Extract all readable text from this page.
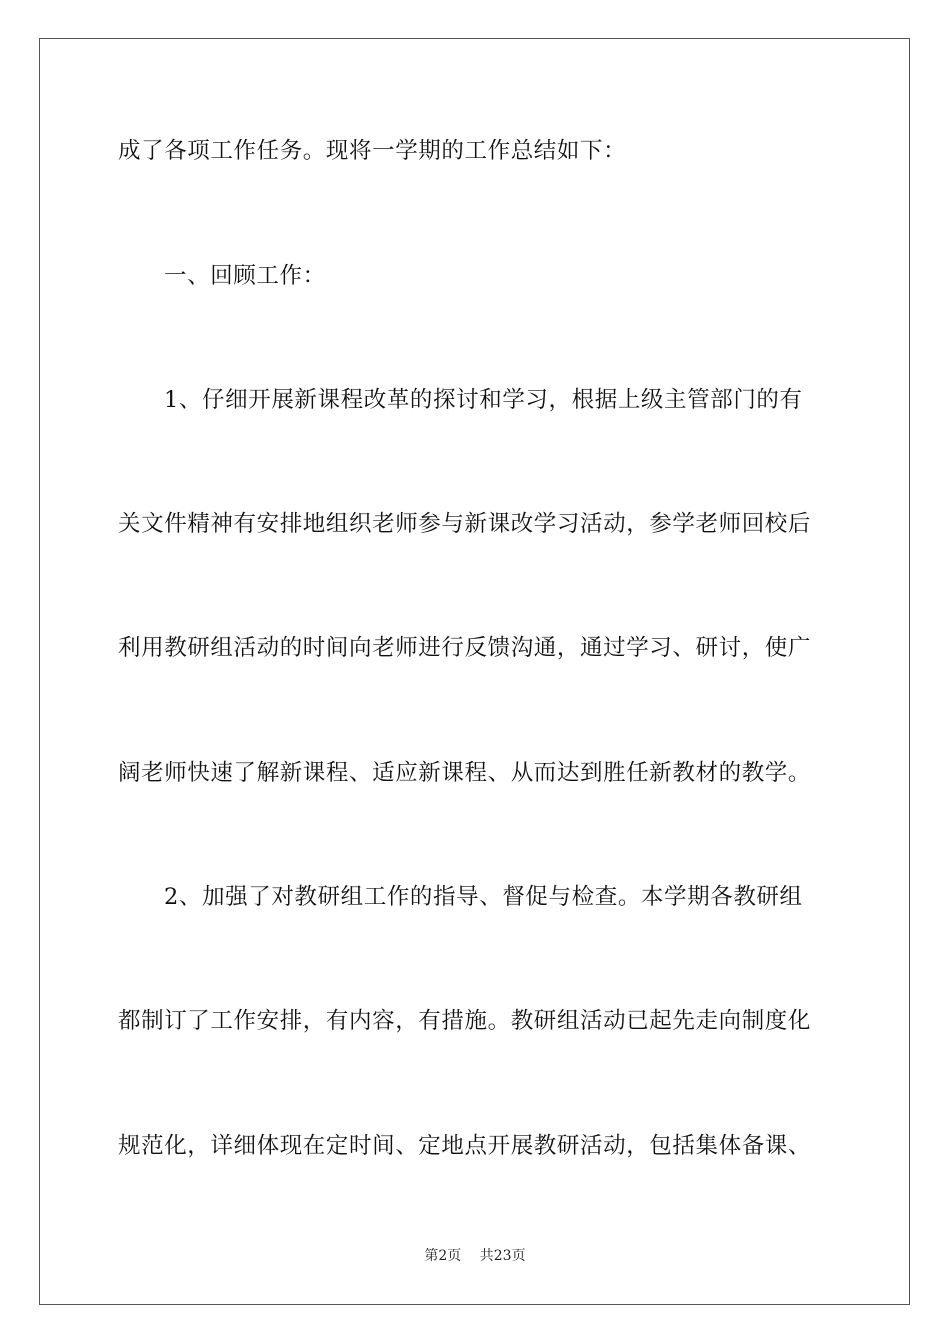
成了各项工作任务。现将一学期的工作总结如下：
一、回顾工作：
1、仔细开展新课程改革的探讨和学习，根据上级主管部门的有
关文件精神有安排地组织老师参与新课改学习活动，参学老师回校后
利用教研组活动的时间向老师进行反馈沟通，通过学习、研讨，使广
阔老师快速了解新课程、适应新课程、从而达到胜任新教材的教学。
2、加强了对教研组工作的指导、督促与检查。本学期各教研组
都制订了工作安排，有内容，有措施。教研组活动已起先走向制度化
规范化，详细体现在定时间、定地点开展教研活动，包括集体备课、
第2页 共23页
